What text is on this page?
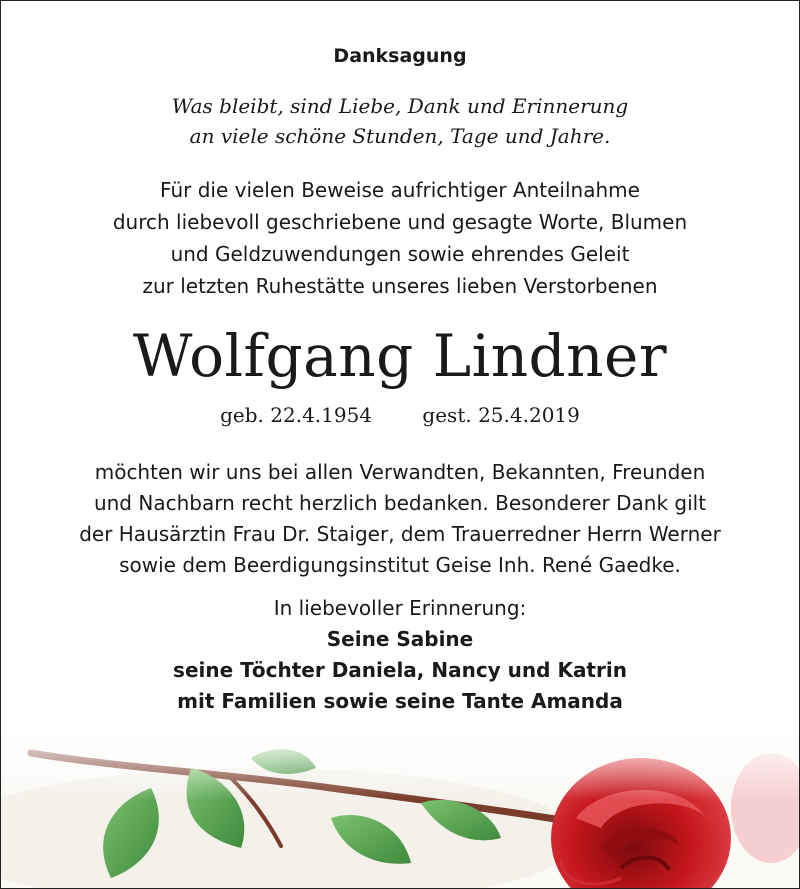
Danksagung
Was bleibt, sind Liebe, Dank und Erinnerung
an viele schöne Stunden, Tage und Jahre.
Für die vielen Beweise aufrichtiger Anteilnahme
durch liebevoll geschriebene und gesagte Worte, Blumen
und Geldzuwendungen sowie ehrendes Geleit
zur letzten Ruhestätte unseres lieben Verstorbenen
Wolfgang Lindner
geb. 22.4.1954	gest. 25.4.2019
möchten wir uns bei allen Verwandten, Bekannten, Freunden
und Nachbarn recht herzlich bedanken. Besonderer Dank gilt
der Hausärztin Frau Dr. Staiger, dem Trauerredner Herrn Werner
sowie dem Beerdigungsinstitut Geise Inh. René Gaedke.
In liebevoller Erinnerung:
Seine Sabine
seine Töchter Daniela, Nancy und Katrin
mit Familien sowie seine Tante Amanda
